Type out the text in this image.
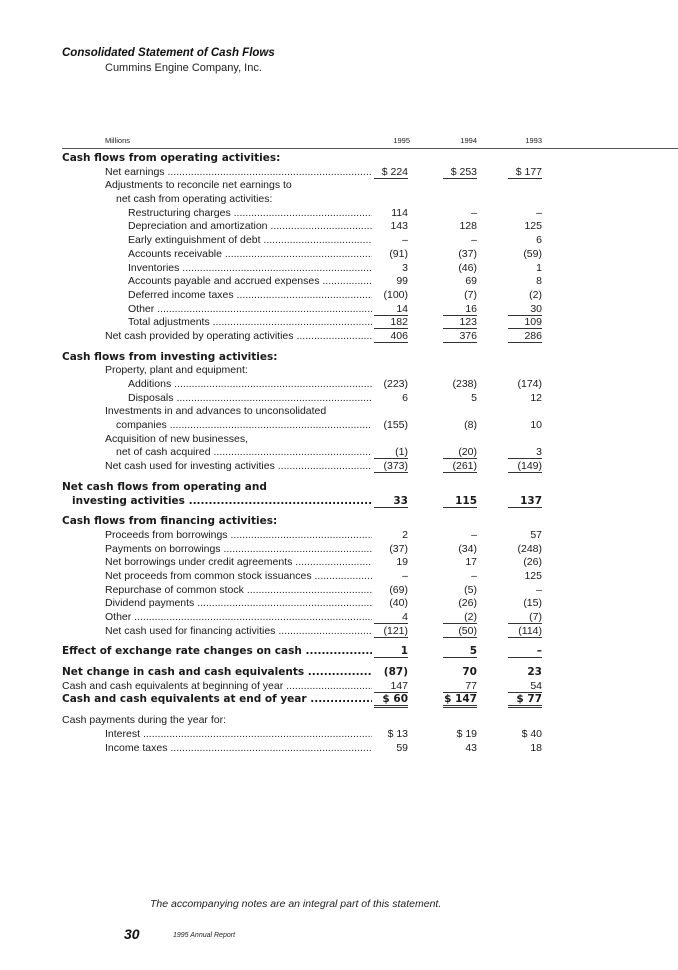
Consolidated Statement of Cash Flows
Cummins Engine Company, Inc.
Millions	1995	1994	1993
Cash flows from operating activities:
Net earnings .....	$ 224	$ 253	$ 177
Adjustments to reconcile net earnings to
net cash from operating activities:
Restructuring charges .....	114	–	–
Depreciation and amortization .....	143	128	125
Early extinguishment of debt .....	–	–	6
Accounts receivable .....	(91)	(37)	(59)
Inventories .....	3	(46)	1
Accounts payable and accrued expenses .....	99	69	8
Deferred income taxes .....	(100)	(7)	(2)
Other .....	14	16	30
Total adjustments .....	182	123	109
Net cash provided by operating activities .....	406	376	286
Cash flows from investing activities:
Property, plant and equipment:
Additions .....	(223)	(238)	(174)
Disposals .....	6	5	12
Investments in and advances to unconsolidated
companies .....	(155)	(8)	10
Acquisition of new businesses,
net of cash acquired .....	(1)	(20)	3
Net cash used for investing activities .....	(373)	(261)	(149)
Net cash flows from operating and
investing activities .....	33	115	137
Cash flows from financing activities:
Proceeds from borrowings .....	2	–	57
Payments on borrowings .....	(37)	(34)	(248)
Net borrowings under credit agreements .....	19	17	(26)
Net proceeds from common stock issuances .....	–	–	125
Repurchase of common stock .....	(69)	(5)	–
Dividend payments .....	(40)	(26)	(15)
Other .....	4	(2)	(7)
Net cash used for financing activities .....	(121)	(50)	(114)
Effect of exchange rate changes on cash .....	1	5	–
Net change in cash and cash equivalents .....	(87)	70	23
Cash and cash equivalents at beginning of year .....	147	77	54
Cash and cash equivalents at end of year .....	$ 60	$ 147	$ 77
Cash payments during the year for:
Interest .....	$ 13	$ 19	$ 40
Income taxes .....	59	43	18
The accompanying notes are an integral part of this statement.
30	1995 Annual Report
